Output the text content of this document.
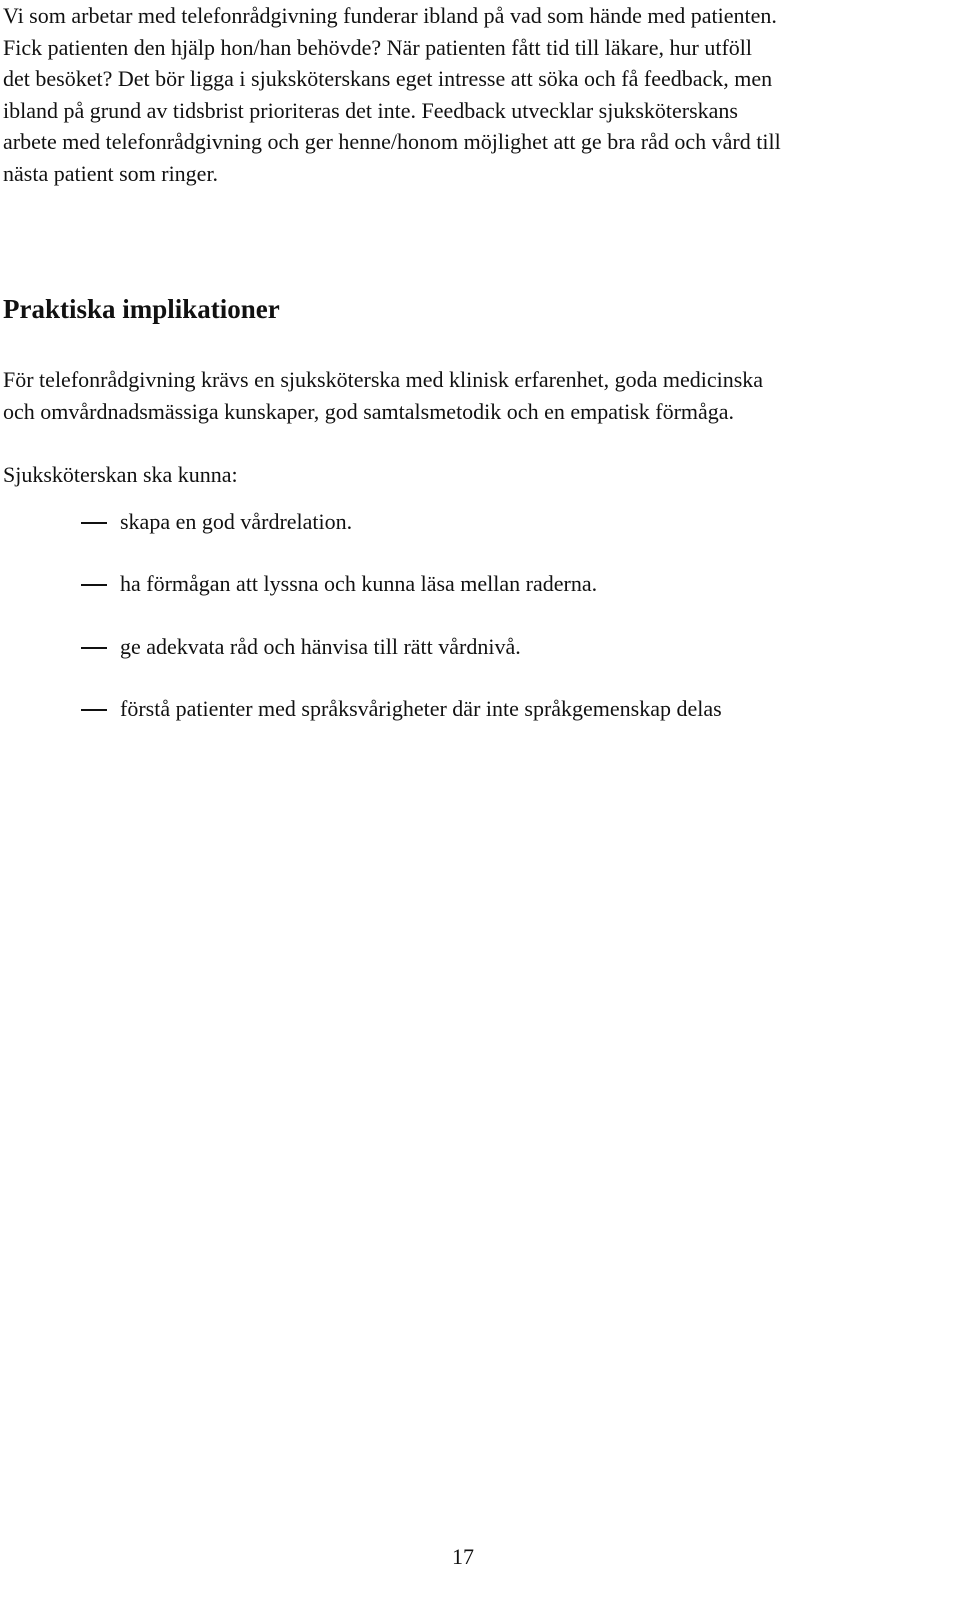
Vi som arbetar med telefonrådgivning funderar ibland på vad som hände med patienten.
Fick patienten den hjälp hon/han behövde? När patienten fått tid till läkare, hur utföll
det besöket? Det bör ligga i sjuksköterskans eget intresse att söka och få feedback, men
ibland på grund av tidsbrist prioriteras det inte. Feedback utvecklar sjuksköterskans
arbete med telefonrådgivning och ger henne/honom möjlighet att ge bra råd och vård till
nästa patient som ringer.

Praktiska implikationer

För telefonrådgivning krävs en sjuksköterska med klinisk erfarenhet, goda medicinska
och omvårdnadsmässiga kunskaper, god samtalsmetodik och en empatisk förmåga.

Sjuksköterskan ska kunna:

skapa en god vårdrelation.
ha förmågan att lyssna och kunna läsa mellan raderna.
ge adekvata råd och hänvisa till rätt vårdnivå.
förstå patienter med språksvårigheter där inte språkgemenskap delas

17
